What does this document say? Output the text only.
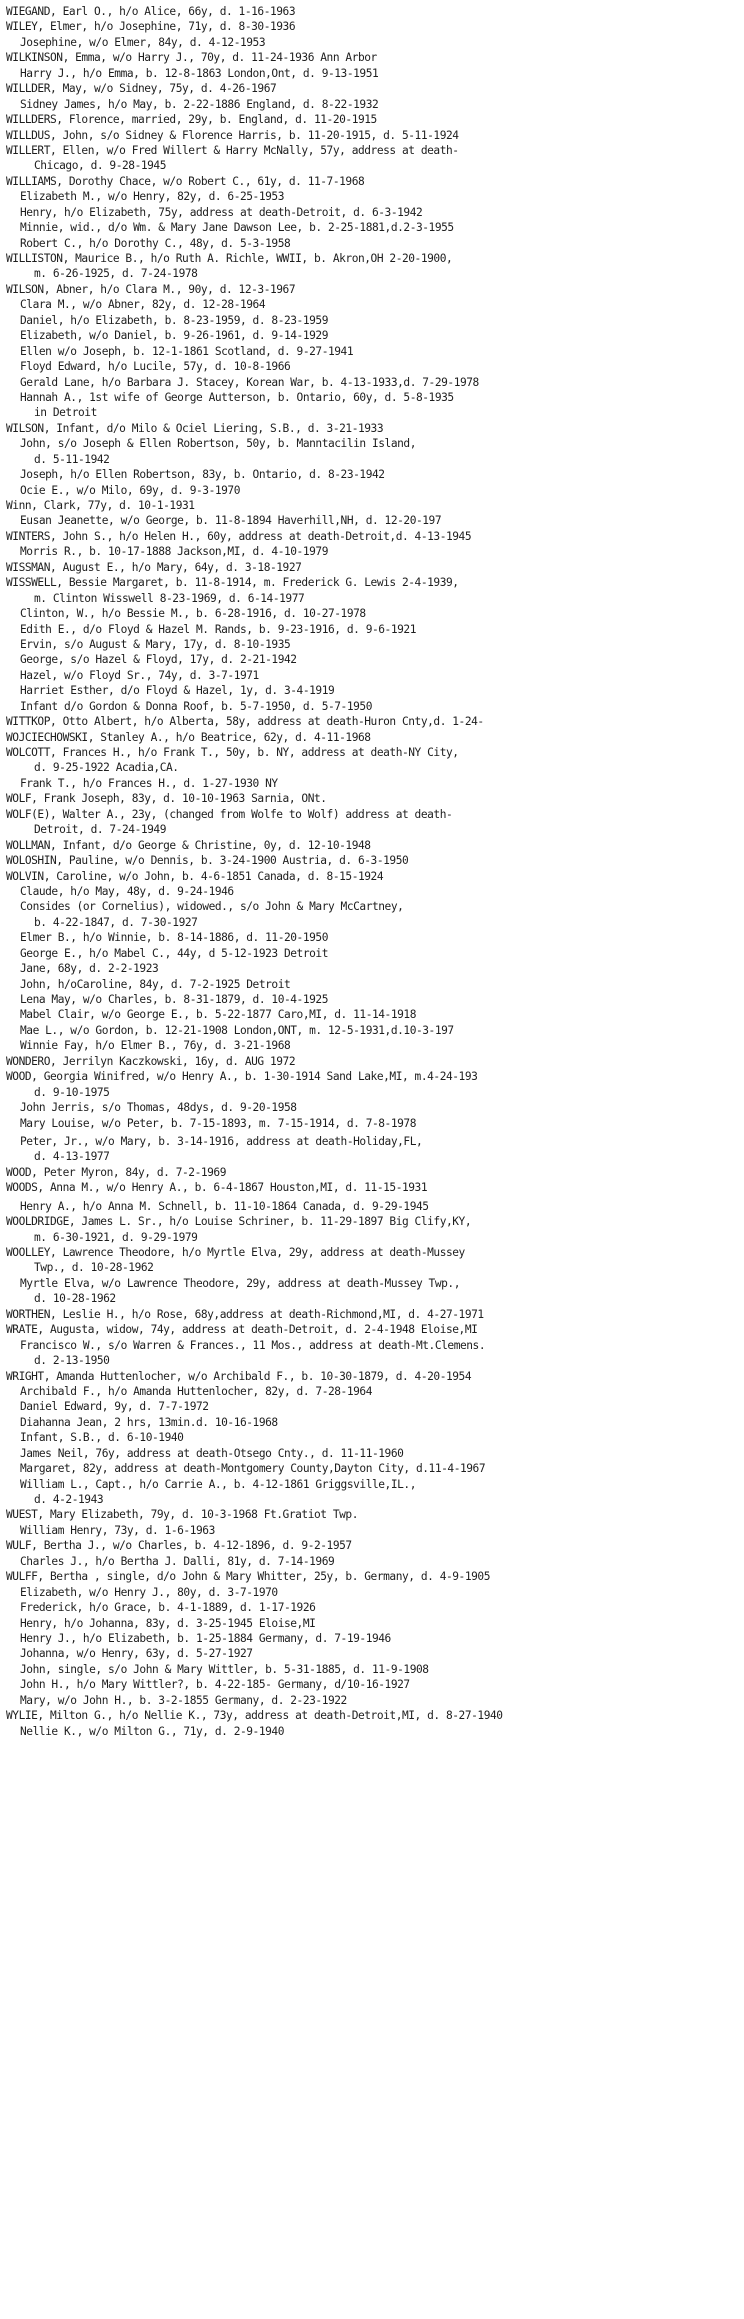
WIEGAND, Earl O., h/o Alice, 66y, d. 1-16-1963
WILEY, Elmer, h/o Josephine, 71y, d. 8-30-1936
Josephine, w/o Elmer, 84y, d. 4-12-1953
WILKINSON, Emma, w/o Harry J., 70y, d. 11-24-1936 Ann Arbor
Harry J., h/o Emma, b. 12-8-1863 London,Ont, d. 9-13-1951
WILLDER, May, w/o Sidney, 75y, d. 4-26-1967
Sidney James, h/o May, b. 2-22-1886 England, d. 8-22-1932
WILLDERS, Florence, married, 29y, b. England, d. 11-20-1915
WILLDUS, John, s/o Sidney & Florence Harris, b. 11-20-1915, d. 5-11-1924
WILLERT, Ellen, w/o Fred Willert & Harry McNally, 57y, address at death-
Chicago, d. 9-28-1945
WILLIAMS, Dorothy Chace, w/o Robert C., 61y, d. 11-7-1968
Elizabeth M., w/o Henry, 82y, d. 6-25-1953
Henry, h/o Elizabeth, 75y, address at death-Detroit, d. 6-3-1942
Minnie, wid., d/o Wm. & Mary Jane Dawson Lee, b. 2-25-1881,d.2-3-1955
Robert C., h/o Dorothy C., 48y, d. 5-3-1958
WILLISTON, Maurice B., h/o Ruth A. Richle, WWII, b. Akron,OH 2-20-1900,
m. 6-26-1925, d. 7-24-1978
WILSON, Abner, h/o Clara M., 90y, d. 12-3-1967
Clara M., w/o Abner, 82y, d. 12-28-1964
Daniel, h/o Elizabeth, b. 8-23-1959, d. 8-23-1959
Elizabeth, w/o Daniel, b. 9-26-1961, d. 9-14-1929
Ellen w/o Joseph, b. 12-1-1861 Scotland, d. 9-27-1941
Floyd Edward, h/o Lucile, 57y, d. 10-8-1966
Gerald Lane, h/o Barbara J. Stacey, Korean War, b. 4-13-1933,d. 7-29-1978
Hannah A., 1st wife of George Autterson, b. Ontario, 60y, d. 5-8-1935
in Detroit
WILSON, Infant, d/o Milo & Ociel Liering, S.B., d. 3-21-1933
John, s/o Joseph & Ellen Robertson, 50y, b. Manntacilin Island,
d. 5-11-1942
Joseph, h/o Ellen Robertson, 83y, b. Ontario, d. 8-23-1942
Ocie E., w/o Milo, 69y, d. 9-3-1970
Winn, Clark, 77y, d. 10-1-1931
Eusan Jeanette, w/o George, b. 11-8-1894 Haverhill,NH, d. 12-20-197
WINTERS, John S., h/o Helen H., 60y, address at death-Detroit,d. 4-13-1945
Morris R., b. 10-17-1888 Jackson,MI, d. 4-10-1979
WISSMAN, August E., h/o Mary, 64y, d. 3-18-1927
WISSWELL, Bessie Margaret, b. 11-8-1914, m. Frederick G. Lewis 2-4-1939,
m. Clinton Wisswell 8-23-1969, d. 6-14-1977
Clinton, W., h/o Bessie M., b. 6-28-1916, d. 10-27-1978
Edith E., d/o Floyd & Hazel M. Rands, b. 9-23-1916, d. 9-6-1921
Ervin, s/o August & Mary, 17y, d. 8-10-1935
George, s/o Hazel & Floyd, 17y, d. 2-21-1942
Hazel, w/o Floyd Sr., 74y, d. 3-7-1971
Harriet Esther, d/o Floyd & Hazel, 1y, d. 3-4-1919
Infant d/o Gordon & Donna Roof, b. 5-7-1950, d. 5-7-1950
WITTKOP, Otto Albert, h/o Alberta, 58y, address at death-Huron Cnty,d. 1-24-
WOJCIECHOWSKI, Stanley A., h/o Beatrice, 62y, d. 4-11-1968
WOLCOTT, Frances H., h/o Frank T., 50y, b. NY, address at death-NY City,
d. 9-25-1922 Acadia,CA.
Frank T., h/o Frances H., d. 1-27-1930 NY
WOLF, Frank Joseph, 83y, d. 10-10-1963 Sarnia, ONt.
WOLF(E), Walter A., 23y, (changed from Wolfe to Wolf) address at death-
Detroit, d. 7-24-1949
WOLLMAN, Infant, d/o George & Christine, 0y, d. 12-10-1948
WOLOSHIN, Pauline, w/o Dennis, b. 3-24-1900 Austria, d. 6-3-1950
WOLVIN, Caroline, w/o John, b. 4-6-1851 Canada, d. 8-15-1924
Claude, h/o May, 48y, d. 9-24-1946
Consides (or Cornelius), widowed., s/o John & Mary McCartney,
b. 4-22-1847, d. 7-30-1927
Elmer B., h/o Winnie, b. 8-14-1886, d. 11-20-1950
George E., h/o Mabel C., 44y, d 5-12-1923 Detroit
Jane, 68y, d. 2-2-1923
John, h/oCaroline, 84y, d. 7-2-1925 Detroit
Lena May, w/o Charles, b. 8-31-1879, d. 10-4-1925
Mabel Clair, w/o George E., b. 5-22-1877 Caro,MI, d. 11-14-1918
Mae L., w/o Gordon, b. 12-21-1908 London,ONT, m. 12-5-1931,d.10-3-197
Winnie Fay, h/o Elmer B., 76y, d. 3-21-1968
WONDERO, Jerrilyn Kaczkowski, 16y, d. AUG 1972
WOOD, Georgia Winifred, w/o Henry A., b. 1-30-1914 Sand Lake,MI, m.4-24-193
d. 9-10-1975
John Jerris, s/o Thomas, 48dys, d. 9-20-1958
Mary Louise, w/o Peter, b. 7-15-1893, m. 7-15-1914, d. 7-8-1978
Peter, Jr., w/o Mary, b. 3-14-1916, address at death-Holiday,FL,
d. 4-13-1977
WOOD, Peter Myron, 84y, d. 7-2-1969
WOODS, Anna M., w/o Henry A., b. 6-4-1867 Houston,MI, d. 11-15-1931
Henry A., h/o Anna M. Schnell, b. 11-10-1864 Canada, d. 9-29-1945
WOOLDRIDGE, James L. Sr., h/o Louise Schriner, b. 11-29-1897 Big Clify,KY,
m. 6-30-1921, d. 9-29-1979
WOOLLEY, Lawrence Theodore, h/o Myrtle Elva, 29y, address at death-Mussey
Twp., d. 10-28-1962
Myrtle Elva, w/o Lawrence Theodore, 29y, address at death-Mussey Twp.,
d. 10-28-1962
WORTHEN, Leslie H., h/o Rose, 68y,address at death-Richmond,MI, d. 4-27-1971
WRATE, Augusta, widow, 74y, address at death-Detroit, d. 2-4-1948 Eloise,MI
Francisco W., s/o Warren & Frances., 11 Mos., address at death-Mt.Clemens.
d. 2-13-1950
WRIGHT, Amanda Huttenlocher, w/o Archibald F., b. 10-30-1879, d. 4-20-1954
Archibald F., h/o Amanda Huttenlocher, 82y, d. 7-28-1964
Daniel Edward, 9y, d. 7-7-1972
Diahanna Jean, 2 hrs, 13min.d. 10-16-1968
Infant, S.B., d. 6-10-1940
James Neil, 76y, address at death-Otsego Cnty., d. 11-11-1960
Margaret, 82y, address at death-Montgomery County,Dayton City, d.11-4-1967
William L., Capt., h/o Carrie A., b. 4-12-1861 Griggsville,IL.,
d. 4-2-1943
WUEST, Mary Elizabeth, 79y, d. 10-3-1968 Ft.Gratiot Twp.
William Henry, 73y, d. 1-6-1963
WULF, Bertha J., w/o Charles, b. 4-12-1896, d. 9-2-1957
Charles J., h/o Bertha J. Dalli, 81y, d. 7-14-1969
WULFF, Bertha , single, d/o John & Mary Whitter, 25y, b. Germany, d. 4-9-1905
Elizabeth, w/o Henry J., 80y, d. 3-7-1970
Frederick, h/o Grace, b. 4-1-1889, d. 1-17-1926
Henry, h/o Johanna, 83y, d. 3-25-1945 Eloise,MI
Henry J., h/o Elizabeth, b. 1-25-1884 Germany, d. 7-19-1946
Johanna, w/o Henry, 63y, d. 5-27-1927
John, single, s/o John & Mary Wittler, b. 5-31-1885, d. 11-9-1908
John H., h/o Mary Wittler?, b. 4-22-185- Germany, d/10-16-1927
Mary, w/o John H., b. 3-2-1855 Germany, d. 2-23-1922
WYLIE, Milton G., h/o Nellie K., 73y, address at death-Detroit,MI, d. 8-27-1940
Nellie K., w/o Milton G., 71y, d. 2-9-1940
